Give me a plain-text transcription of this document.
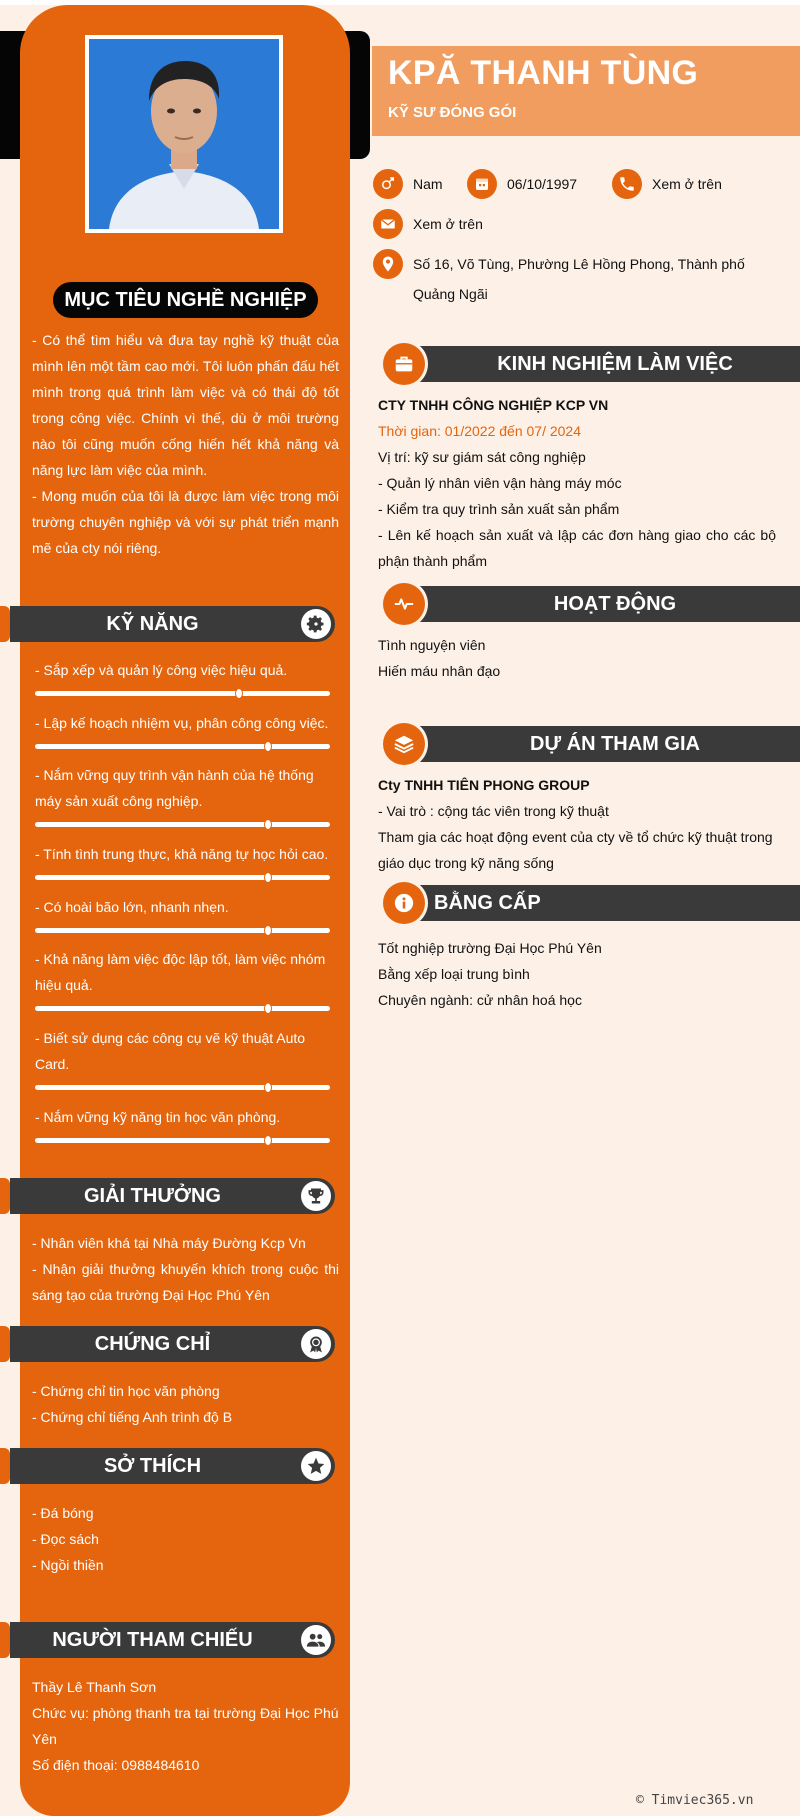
MỤC TIÊU NGHỀ NGHIỆP
- Có thể tìm hiểu và đưa tay nghề kỹ thuật của mình lên một tầm cao mới. Tôi luôn phấn đấu hết mình trong quá trình làm việc và có thái độ tốt trong công việc. Chính vì thế, dù ở môi trường nào tôi cũng muốn cống hiến hết khả năng và năng lực làm việc của mình.
- Mong muốn của tôi là được làm việc trong môi trường chuyên nghiệp và với sự phát triển mạnh mẽ của cty nói riêng.
KỸ NĂNG
- Sắp xếp và quản lý công việc hiệu quả.
- Lập kế hoạch nhiệm vụ, phân công công việc.
- Nắm vững quy trình vận hành của hệ thống máy sản xuất công nghiệp.
- Tính tình trung thực, khả năng tự học hỏi cao.
- Có hoài bão lớn, nhanh nhẹn.
- Khả năng làm việc độc lập tốt, làm việc nhóm hiệu quả.
- Biết sử dụng các công cụ vẽ kỹ thuật Auto Card.
- Nắm vững kỹ năng tin học văn phòng.
GIẢI THƯỞNG
- Nhân viên khá tại Nhà máy Đường Kcp Vn
- Nhận giải thưởng khuyến khích trong cuộc thi sáng tạo của trường Đại Học Phú Yên
CHỨNG CHỈ
- Chứng chỉ tin học văn phòng
- Chứng chỉ tiếng Anh trình độ B
SỞ THÍCH
- Đá bóng
- Đọc sách
- Ngồi thiền
NGƯỜI THAM CHIẾU
Thầy Lê Thanh Sơn
Chức vụ: phòng thanh tra tại trường Đại Học Phú Yên
Số điện thoại: 0988484610
KPĂ THANH TÙNG
KỸ SƯ ĐÓNG GÓI
Nam	06/10/1997	Xem ở trên
Xem ở trên
Số 16, Võ Tùng, Phường Lê Hồng Phong, Thành phố
Quảng Ngãi
KINH NGHIỆM LÀM VIỆC
CTY TNHH CÔNG NGHIỆP KCP VN
Thời gian: 01/2022 đến 07/ 2024
Vị trí: kỹ sư giám sát công nghiệp
- Quản lý nhân viên vận hàng máy móc
- Kiểm tra quy trình sản xuất sản phẩm
- Lên kế hoạch sản xuất và lập các đơn hàng giao cho các bộ phận thành phẩm
HOẠT ĐỘNG
Tình nguyện viên
Hiến máu nhân đạo
DỰ ÁN THAM GIA
Cty TNHH TIÊN PHONG GROUP
- Vai trò : cộng tác viên trong kỹ thuật
Tham gia các hoạt động event của cty về tổ chức kỹ thuật trong giáo dục trong kỹ năng sống
BẰNG CẤP
Tốt nghiệp trường Đại Học Phú Yên
Bằng xếp loại trung bình
Chuyên ngành: cử nhân hoá học
© Timviec365.vn
